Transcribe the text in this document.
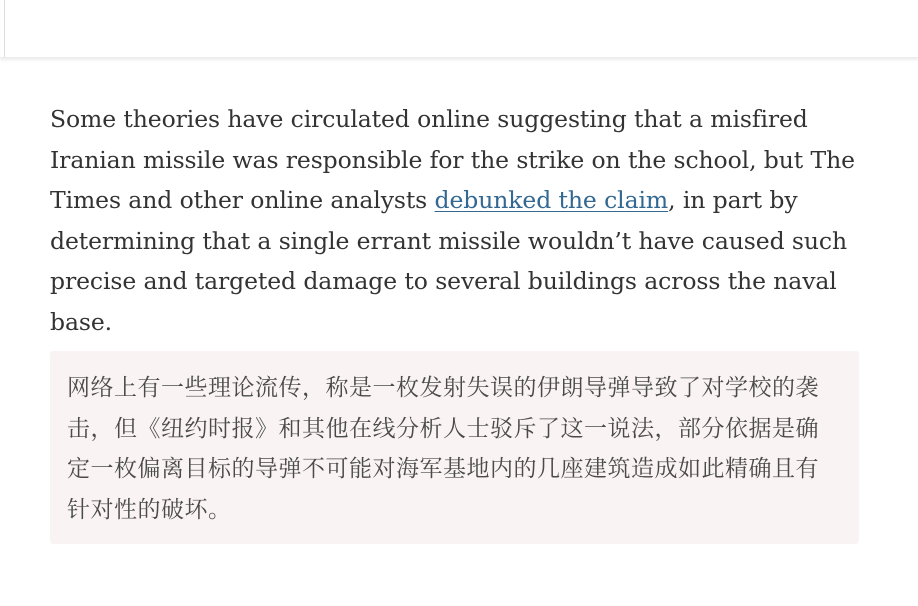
Some theories have circulated online suggesting that a misfired Iranian missile was responsible for the strike on the school, but The Times and other online analysts debunked the claim, in part by determining that a single errant missile wouldn’t have caused such precise and targeted damage to several buildings across the naval base.

网络上有一些理论流传，称是一枚发射失误的伊朗导弹导致了对学校的袭击，但《纽约时报》和其他在线分析人士驳斥了这一说法，部分依据是确定一枚偏离目标的导弹不可能对海军基地内的几座建筑造成如此精确且有针对性的破坏。
